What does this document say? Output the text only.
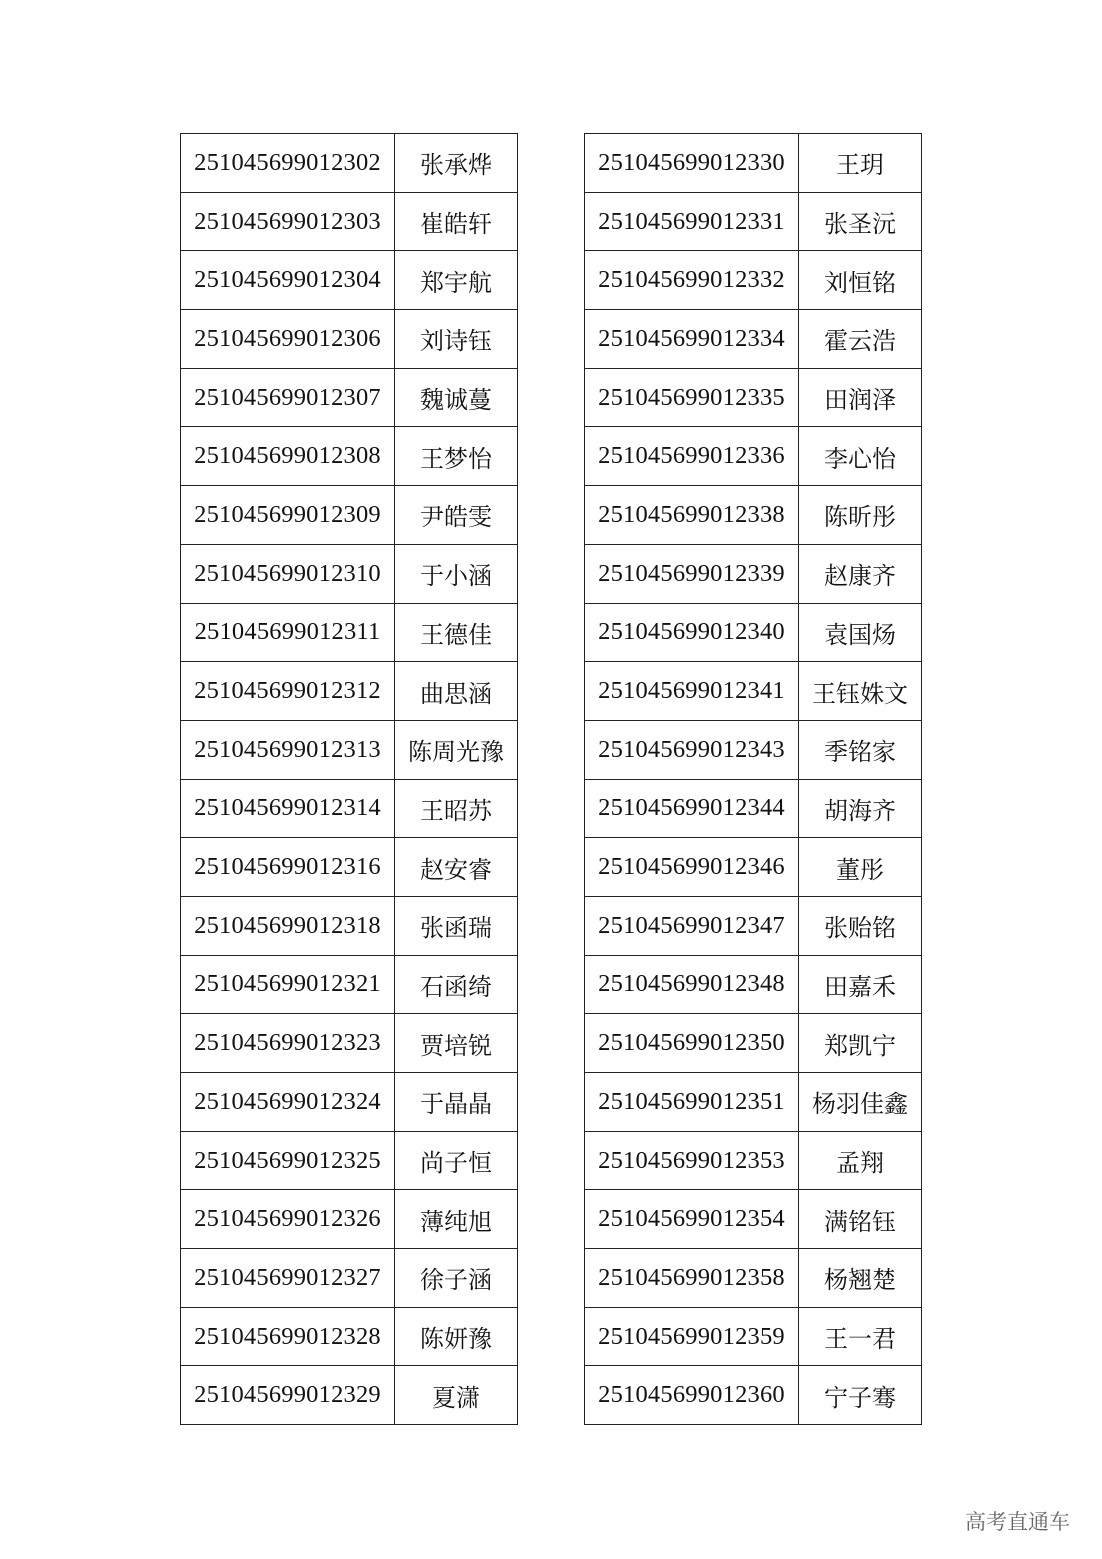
251045699012302	张承烨
251045699012303	崔皓轩
251045699012304	郑宇航
251045699012306	刘诗钰
251045699012307	魏诚蔓
251045699012308	王梦怡
251045699012309	尹皓雯
251045699012310	于小涵
251045699012311	王德佳
251045699012312	曲思涵
251045699012313	陈周光豫
251045699012314	王昭苏
251045699012316	赵安睿
251045699012318	张函瑞
251045699012321	石函绮
251045699012323	贾培锐
251045699012324	于晶晶
251045699012325	尚子恒
251045699012326	薄纯旭
251045699012327	徐子涵
251045699012328	陈妍豫
251045699012329	夏潇
251045699012330	王玥
251045699012331	张圣沅
251045699012332	刘恒铭
251045699012334	霍云浩
251045699012335	田润泽
251045699012336	李心怡
251045699012338	陈昕彤
251045699012339	赵康齐
251045699012340	袁国炀
251045699012341	王钰姝文
251045699012343	季铭家
251045699012344	胡海齐
251045699012346	董彤
251045699012347	张贻铭
251045699012348	田嘉禾
251045699012350	郑凯宁
251045699012351	杨羽佳鑫
251045699012353	孟翔
251045699012354	满铭钰
251045699012358	杨翘楚
251045699012359	王一君
251045699012360	宁子骞
高考直通车
